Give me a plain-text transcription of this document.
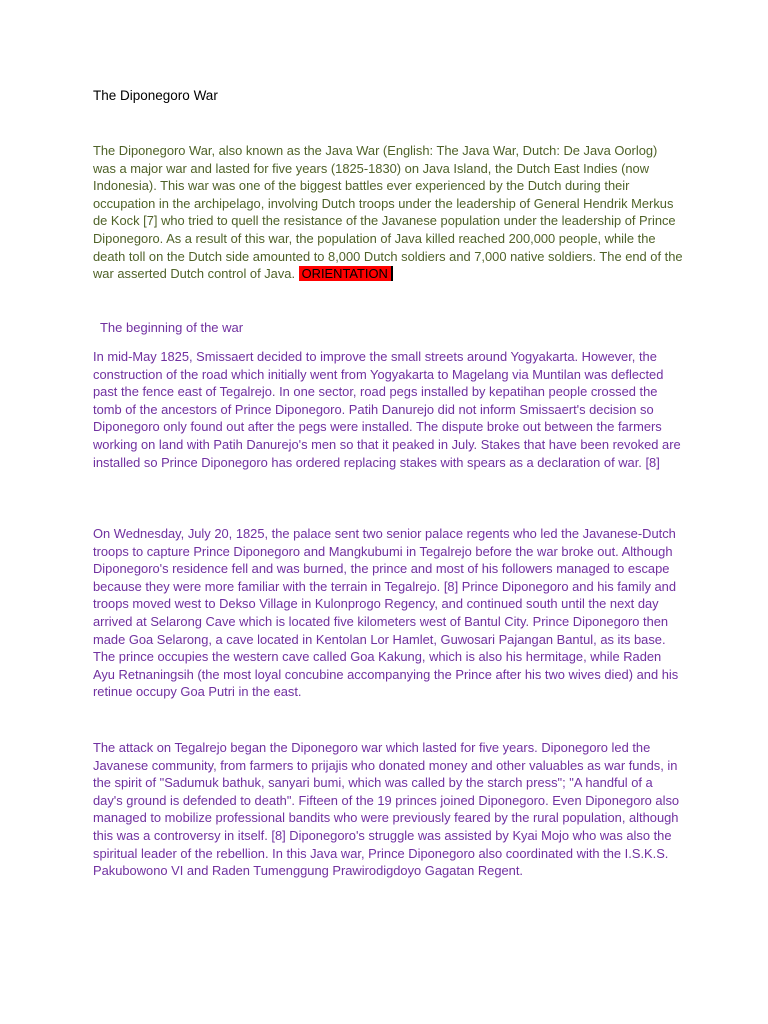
The Diponegoro War

The Diponegoro War, also known as the Java War (English: The Java War, Dutch: De Java Oorlog) was a major war and lasted for five years (1825-1830) on Java Island, the Dutch East Indies (now Indonesia). This war was one of the biggest battles ever experienced by the Dutch during their occupation in the archipelago, involving Dutch troops under the leadership of General Hendrik Merkus de Kock [7] who tried to quell the resistance of the Javanese population under the leadership of Prince Diponegoro. As a result of this war, the population of Java killed reached 200,000 people, while the death toll on the Dutch side amounted to 8,000 Dutch soldiers and 7,000 native soldiers. The end of the war asserted Dutch control of Java. ORIENTATION

The beginning of the war

In mid-May 1825, Smissaert decided to improve the small streets around Yogyakarta. However, the construction of the road which initially went from Yogyakarta to Magelang via Muntilan was deflected past the fence east of Tegalrejo. In one sector, road pegs installed by kepatihan people crossed the tomb of the ancestors of Prince Diponegoro. Patih Danurejo did not inform Smissaert's decision so Diponegoro only found out after the pegs were installed. The dispute broke out between the farmers working on land with Patih Danurejo's men so that it peaked in July. Stakes that have been revoked are installed so Prince Diponegoro has ordered replacing stakes with spears as a declaration of war. [8]

On Wednesday, July 20, 1825, the palace sent two senior palace regents who led the Javanese-Dutch troops to capture Prince Diponegoro and Mangkubumi in Tegalrejo before the war broke out. Although Diponegoro's residence fell and was burned, the prince and most of his followers managed to escape because they were more familiar with the terrain in Tegalrejo. [8] Prince Diponegoro and his family and troops moved west to Dekso Village in Kulonprogo Regency, and continued south until the next day arrived at Selarong Cave which is located five kilometers west of Bantul City. Prince Diponegoro then made Goa Selarong, a cave located in Kentolan Lor Hamlet, Guwosari Pajangan Bantul, as its base. The prince occupies the western cave called Goa Kakung, which is also his hermitage, while Raden Ayu Retnaningsih (the most loyal concubine accompanying the Prince after his two wives died) and his retinue occupy Goa Putri in the east.

The attack on Tegalrejo began the Diponegoro war which lasted for five years. Diponegoro led the Javanese community, from farmers to prijajis who donated money and other valuables as war funds, in the spirit of "Sadumuk bathuk, sanyari bumi, which was called by the starch press"; "A handful of a day's ground is defended to death". Fifteen of the 19 princes joined Diponegoro. Even Diponegoro also managed to mobilize professional bandits who were previously feared by the rural population, although this was a controversy in itself. [8] Diponegoro's struggle was assisted by Kyai Mojo who was also the spiritual leader of the rebellion. In this Java war, Prince Diponegoro also coordinated with the I.S.K.S. Pakubowono VI and Raden Tumenggung Prawirodigdoyo Gagatan Regent.
